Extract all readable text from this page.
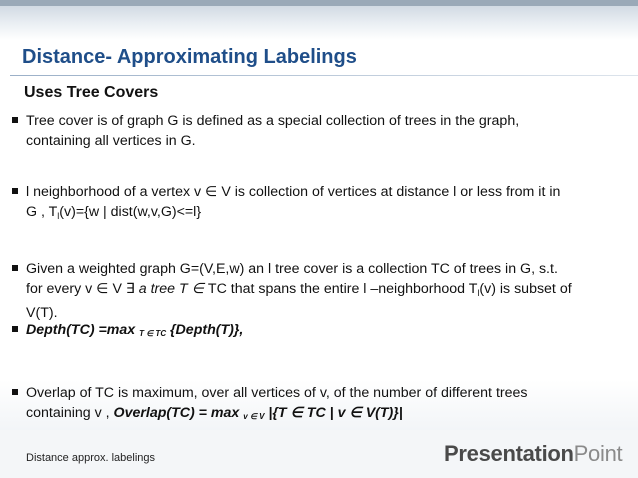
Distance- Approximating Labelings
Uses Tree Covers
Tree cover is of graph G is defined as a special collection of trees in the graph,
containing all vertices in G.
l neighborhood of a vertex v ∈ V is collection of vertices at distance l or less from it in
G , $T_l(v)=\{w$ | dist(w,v,G)<=l}
Given a weighted graph G=(V,E,w) an l tree cover is a collection TC of trees in G, s.t.
for every v ∈ V ∃ a tree T ∈ TC that spans the entire l –neighborhood $T_l(v)$ is subset of
V(T).
Depth(TC) =max T ∈ TC {Depth(T)},
Overlap of TC is maximum, over all vertices of v, of the number of different trees
containing v , Overlap(TC) = max v ∈ V |{T ∈ TC | v ∈ V(T)}|
Distance approx. labelings	PresentationPoint
